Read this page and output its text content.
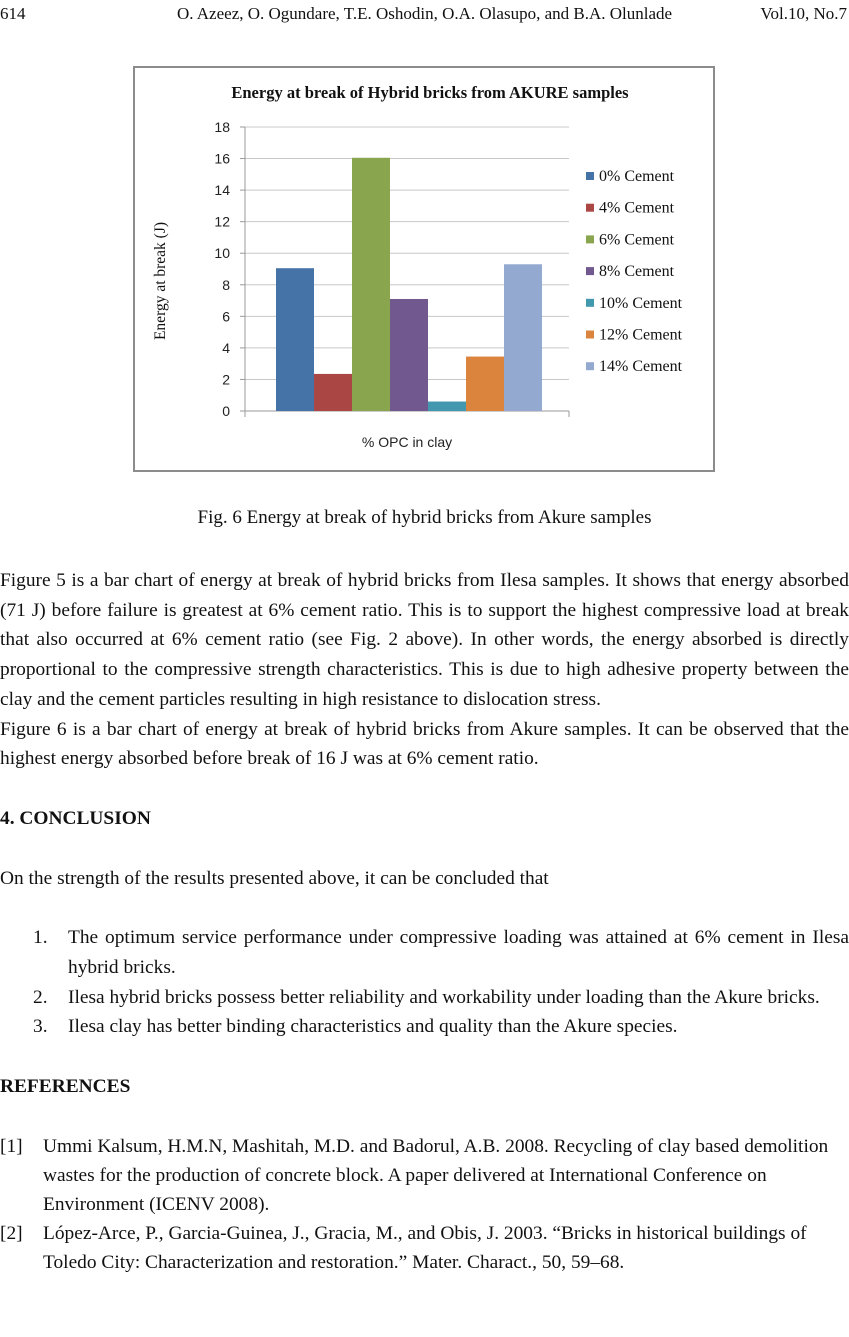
614	O. Azeez, O. Ogundare, T.E. Oshodin, O.A. Olasupo, and B.A. Olunlade	Vol.10, No.7
Energy at break of Hybrid bricks from AKURE samples
0
2
4
6
8
10
12
14
16
18
% OPC in clay
Energy at break (J)
0% Cement
4% Cement
6% Cement
8% Cement
10% Cement
12% Cement
14% Cement
Fig. 6 Energy at break of hybrid bricks from Akure samples

Figure 5 is a bar chart of energy at break of hybrid bricks from Ilesa samples. It shows that energy absorbed (71 J) before failure is greatest at 6% cement ratio. This is to support the highest compressive load at break that also occurred at 6% cement ratio (see Fig. 2 above). In other words, the energy absorbed is directly proportional to the compressive strength characteristics. This is due to high adhesive property between the clay and the cement particles resulting in high resistance to dislocation stress.

Figure 6 is a bar chart of energy at break of hybrid bricks from Akure samples. It can be observed that the highest energy absorbed before break of 16 J was at 6% cement ratio.

4. CONCLUSION

On the strength of the results presented above, it can be concluded that

1. The optimum service performance under compressive loading was attained at 6% cement in Ilesa hybrid bricks.
2. Ilesa hybrid bricks possess better reliability and workability under loading than the Akure bricks.
3. Ilesa clay has better binding characteristics and quality than the Akure species.

REFERENCES

[1] Ummi Kalsum, H.M.N, Mashitah, M.D. and Badorul, A.B. 2008. Recycling of clay based demolition wastes for the production of concrete block. A paper delivered at International Conference on Environment (ICENV 2008).
[2] López-Arce, P., Garcia-Guinea, J., Gracia, M., and Obis, J. 2003. “Bricks in historical buildings of Toledo City: Characterization and restoration.” Mater. Charact., 50, 59–68.
